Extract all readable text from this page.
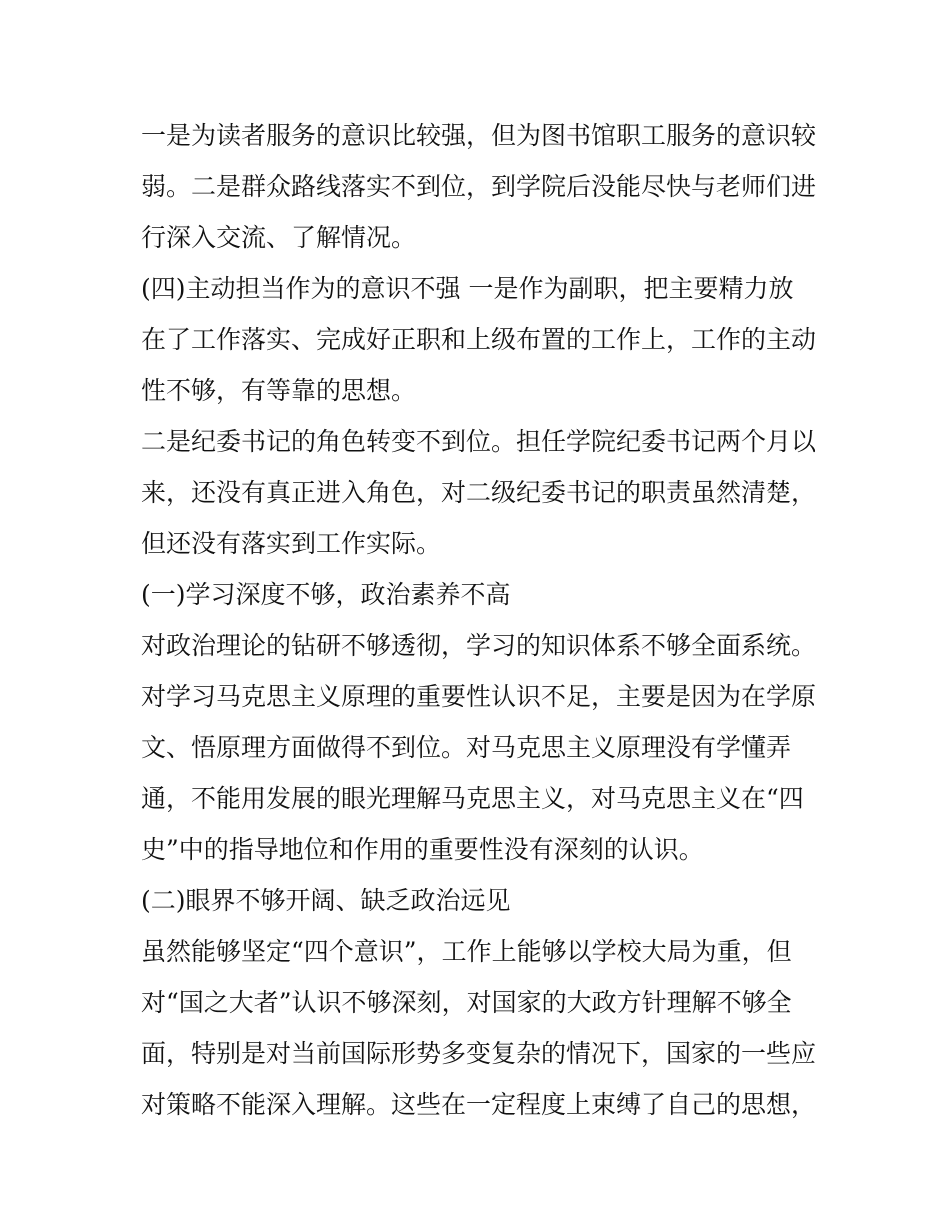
一是为读者服务的意识比较强，但为图书馆职工服务的意识较
弱。二是群众路线落实不到位，到学院后没能尽快与老师们进
行深入交流、了解情况。
(四)主动担当作为的意识不强 一是作为副职，把主要精力放
在了工作落实、完成好正职和上级布置的工作上，工作的主动
性不够，有等靠的思想。
二是纪委书记的角色转变不到位。担任学院纪委书记两个月以
来，还没有真正进入角色，对二级纪委书记的职责虽然清楚，
但还没有落实到工作实际。
(一)学习深度不够，政治素养不高
对政治理论的钻研不够透彻，学习的知识体系不够全面系统。
对学习马克思主义原理的重要性认识不足，主要是因为在学原
文、悟原理方面做得不到位。对马克思主义原理没有学懂弄
通，不能用发展的眼光理解马克思主义，对马克思主义在“四
史”中的指导地位和作用的重要性没有深刻的认识。
(二)眼界不够开阔、缺乏政治远见
虽然能够坚定“四个意识”，工作上能够以学校大局为重，但
对“国之大者”认识不够深刻，对国家的大政方针理解不够全
面，特别是对当前国际形势多变复杂的情况下，国家的一些应
对策略不能深入理解。这些在一定程度上束缚了自己的思想，
